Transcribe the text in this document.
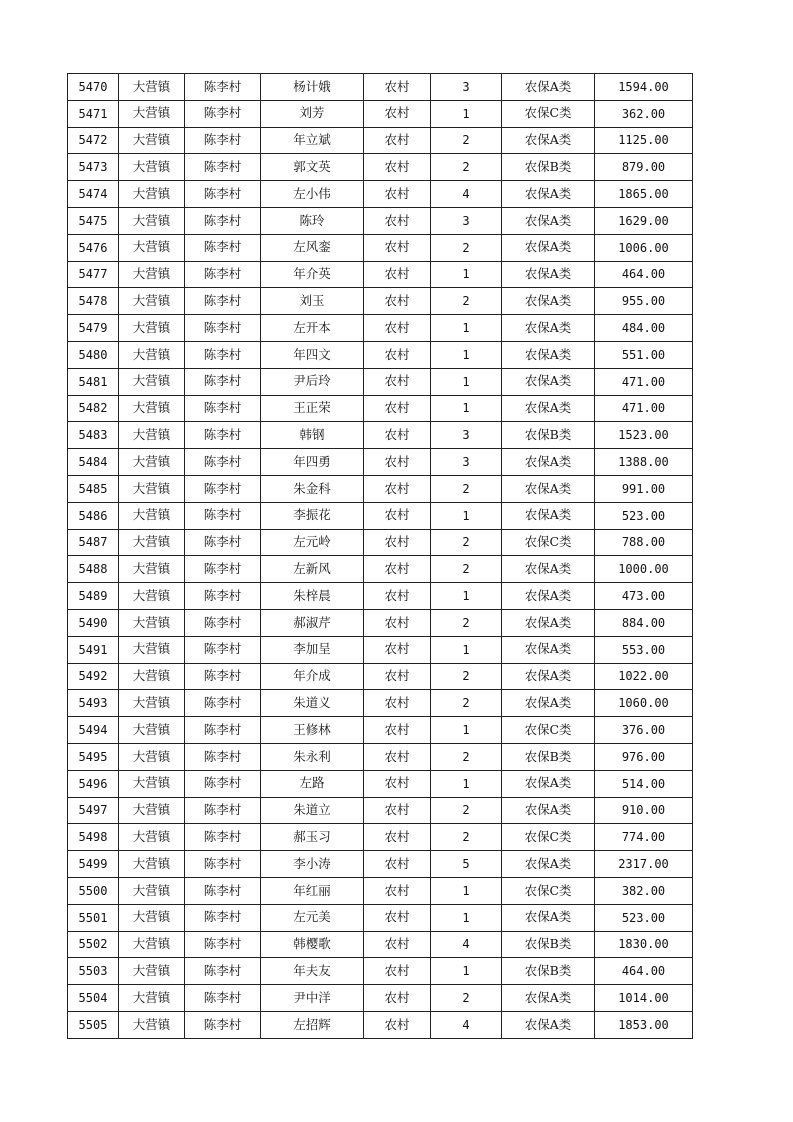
5470	大营镇	陈李村	杨计娥	农村	3	农保A类	1594.00
5471	大营镇	陈李村	刘芳	农村	1	农保C类	362.00
5472	大营镇	陈李村	年立斌	农村	2	农保A类	1125.00
5473	大营镇	陈李村	郭文英	农村	2	农保B类	879.00
5474	大营镇	陈李村	左小伟	农村	4	农保A类	1865.00
5475	大营镇	陈李村	陈玲	农村	3	农保A类	1629.00
5476	大营镇	陈李村	左风銮	农村	2	农保A类	1006.00
5477	大营镇	陈李村	年介英	农村	1	农保A类	464.00
5478	大营镇	陈李村	刘玉	农村	2	农保A类	955.00
5479	大营镇	陈李村	左开本	农村	1	农保A类	484.00
5480	大营镇	陈李村	年四文	农村	1	农保A类	551.00
5481	大营镇	陈李村	尹后玲	农村	1	农保A类	471.00
5482	大营镇	陈李村	王正荣	农村	1	农保A类	471.00
5483	大营镇	陈李村	韩钢	农村	3	农保B类	1523.00
5484	大营镇	陈李村	年四勇	农村	3	农保A类	1388.00
5485	大营镇	陈李村	朱金科	农村	2	农保A类	991.00
5486	大营镇	陈李村	李振花	农村	1	农保A类	523.00
5487	大营镇	陈李村	左元岭	农村	2	农保C类	788.00
5488	大营镇	陈李村	左新风	农村	2	农保A类	1000.00
5489	大营镇	陈李村	朱梓晨	农村	1	农保A类	473.00
5490	大营镇	陈李村	郝淑芹	农村	2	农保A类	884.00
5491	大营镇	陈李村	李加呈	农村	1	农保A类	553.00
5492	大营镇	陈李村	年介成	农村	2	农保A类	1022.00
5493	大营镇	陈李村	朱道义	农村	2	农保A类	1060.00
5494	大营镇	陈李村	王修林	农村	1	农保C类	376.00
5495	大营镇	陈李村	朱永利	农村	2	农保B类	976.00
5496	大营镇	陈李村	左路	农村	1	农保A类	514.00
5497	大营镇	陈李村	朱道立	农村	2	农保A类	910.00
5498	大营镇	陈李村	郝玉习	农村	2	农保C类	774.00
5499	大营镇	陈李村	李小涛	农村	5	农保A类	2317.00
5500	大营镇	陈李村	年红丽	农村	1	农保C类	382.00
5501	大营镇	陈李村	左元美	农村	1	农保A类	523.00
5502	大营镇	陈李村	韩樱歌	农村	4	农保B类	1830.00
5503	大营镇	陈李村	年夫友	农村	1	农保B类	464.00
5504	大营镇	陈李村	尹中洋	农村	2	农保A类	1014.00
5505	大营镇	陈李村	左招辉	农村	4	农保A类	1853.00
